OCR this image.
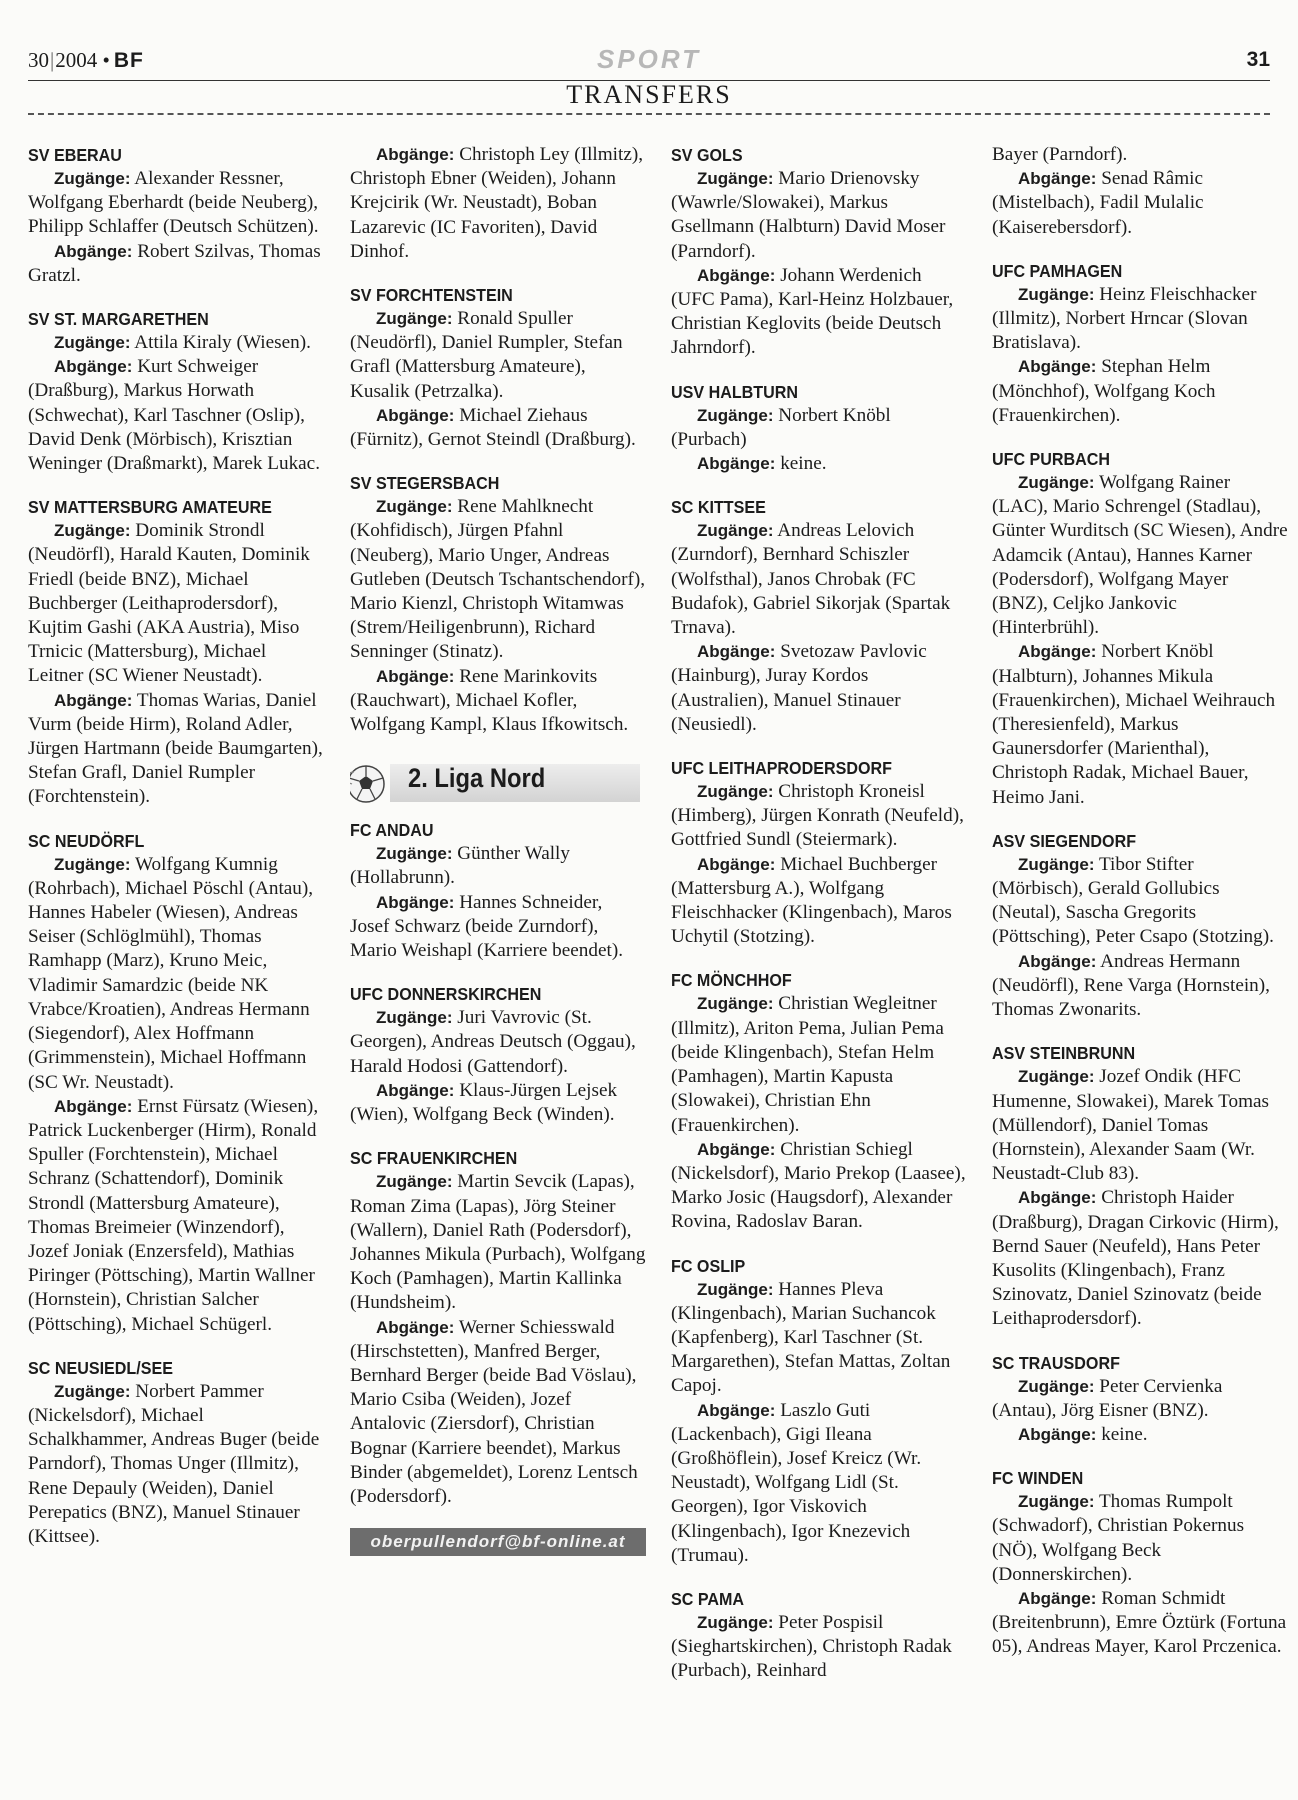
30|2004 • BF	SPORT	31
TRANSFERS
SV EBERAU
Zugänge: Alexander Ressner, Wolfgang Eberhardt (beide Neuberg), Philipp Schlaffer (Deutsch Schützen).
Abgänge: Robert Szilvas, Thomas Gratzl.
SV ST. MARGARETHEN
Zugänge: Attila Kiraly (Wiesen).
Abgänge: Kurt Schweiger (Draßburg), Markus Horwath (Schwechat), Karl Taschner (Oslip), David Denk (Mörbisch), Krisztian Weninger (Draßmarkt), Marek Lukac.
SV MATTERSBURG AMATEURE
Zugänge: Dominik Strondl (Neudörfl), Harald Kauten, Dominik Friedl (beide BNZ), Michael Buchberger (Leithaprodersdorf), Kujtim Gashi (AKA Austria), Miso Trnicic (Mattersburg), Michael Leitner (SC Wiener Neustadt).
Abgänge: Thomas Warias, Daniel Vurm (beide Hirm), Roland Adler, Jürgen Hartmann (beide Baumgarten), Stefan Grafl, Daniel Rumpler (Forchtenstein).
SC NEUDÖRFL
Zugänge: Wolfgang Kumnig (Rohrbach), Michael Pöschl (Antau), Hannes Habeler (Wiesen), Andreas Seiser (Schlöglmühl), Thomas Ramhapp (Marz), Kruno Meic, Vladimir Samardzic (beide NK Vrabce/Kroatien), Andreas Hermann (Siegendorf), Alex Hoffmann (Grimmenstein), Michael Hoffmann (SC Wr. Neustadt).
Abgänge: Ernst Fürsatz (Wiesen), Patrick Luckenberger (Hirm), Ronald Spuller (Forchtenstein), Michael Schranz (Schattendorf), Dominik Strondl (Mattersburg Amateure), Thomas Breimeier (Winzendorf), Jozef Joniak (Enzersfeld), Mathias Piringer (Pöttsching), Martin Wallner (Hornstein), Christian Salcher (Pöttsching), Michael Schügerl.
SC NEUSIEDL/SEE
Zugänge: Norbert Pammer (Nickelsdorf), Michael Schalkhammer, Andreas Buger (beide Parndorf), Thomas Unger (Illmitz), Rene Depauly (Weiden), Daniel Perepatics (BNZ), Manuel Stinauer (Kittsee).
Abgänge: Christoph Ley (Illmitz), Christoph Ebner (Weiden), Johann Krejcirik (Wr. Neustadt), Boban Lazarevic (IC Favoriten), David Dinhof.
SV FORCHTENSTEIN
Zugänge: Ronald Spuller (Neudörfl), Daniel Rumpler, Stefan Grafl (Mattersburg Amateure), Kusalik (Petrzalka).
Abgänge: Michael Ziehaus (Fürnitz), Gernot Steindl (Draßburg).
SV STEGERSBACH
Zugänge: Rene Mahlknecht (Kohfidisch), Jürgen Pfahnl (Neuberg), Mario Unger, Andreas Gutleben (Deutsch Tschantschendorf), Mario Kienzl, Christoph Witamwas (Strem/Heiligenbrunn), Richard Senninger (Stinatz).
Abgänge: Rene Marinkovits (Rauchwart), Michael Kofler, Wolfgang Kampl, Klaus Ifkowitsch.
2. Liga Nord
FC ANDAU
Zugänge: Günther Wally (Hollabrunn).
Abgänge: Hannes Schneider, Josef Schwarz (beide Zurndorf), Mario Weishapl (Karriere beendet).
UFC DONNERSKIRCHEN
Zugänge: Juri Vavrovic (St. Georgen), Andreas Deutsch (Oggau), Harald Hodosi (Gattendorf).
Abgänge: Klaus-Jürgen Lejsek (Wien), Wolfgang Beck (Winden).
SC FRAUENKIRCHEN
Zugänge: Martin Sevcik (Lapas), Roman Zima (Lapas), Jörg Steiner (Wallern), Daniel Rath (Podersdorf), Johannes Mikula (Purbach), Wolfgang Koch (Pamhagen), Martin Kallinka (Hundsheim).
Abgänge: Werner Schiesswald (Hirschstetten), Manfred Berger, Bernhard Berger (beide Bad Vöslau), Mario Csiba (Weiden), Jozef Antalovic (Ziersdorf), Christian Bognar (Karriere beendet), Markus Binder (abgemeldet), Lorenz Lentsch (Podersdorf).
oberpullendorf@bf-online.at
SV GOLS
Zugänge: Mario Drienovsky (Wawrle/Slowakei), Markus Gsellmann (Halbturn) David Moser (Parndorf).
Abgänge: Johann Werdenich (UFC Pama), Karl-Heinz Holzbauer, Christian Keglovits (beide Deutsch Jahrndorf).
USV HALBTURN
Zugänge: Norbert Knöbl (Purbach)
Abgänge: keine.
SC KITTSEE
Zugänge: Andreas Lelovich (Zurndorf), Bernhard Schiszler (Wolfsthal), Janos Chrobak (FC Budafok), Gabriel Sikorjak (Spartak Trnava).
Abgänge: Svetozaw Pavlovic (Hainburg), Juray Kordos (Australien), Manuel Stinauer (Neusiedl).
UFC LEITHAPRODERSDORF
Zugänge: Christoph Kroneisl (Himberg), Jürgen Konrath (Neufeld), Gottfried Sundl (Steiermark).
Abgänge: Michael Buchberger (Mattersburg A.), Wolfgang Fleischhacker (Klingenbach), Maros Uchytil (Stotzing).
FC MÖNCHHOF
Zugänge: Christian Wegleitner (Illmitz), Ariton Pema, Julian Pema (beide Klingenbach), Stefan Helm (Pamhagen), Martin Kapusta (Slowakei), Christian Ehn (Frauenkirchen).
Abgänge: Christian Schiegl (Nickelsdorf), Mario Prekop (Laasee), Marko Josic (Haugsdorf), Alexander Rovina, Radoslav Baran.
FC OSLIP
Zugänge: Hannes Pleva (Klingenbach), Marian Suchancok (Kapfenberg), Karl Taschner (St. Margarethen), Stefan Mattas, Zoltan Capoj.
Abgänge: Laszlo Guti (Lackenbach), Gigi Ileana (Großhöflein), Josef Kreicz (Wr. Neustadt), Wolfgang Lidl (St. Georgen), Igor Viskovich (Klingenbach), Igor Knezevich (Trumau).
SC PAMA
Zugänge: Peter Pospisil (Sieghartskirchen), Christoph Radak (Purbach), Reinhard
Bayer (Parndorf).
Abgänge: Senad Râmic (Mistelbach), Fadil Mulalic (Kaiserebersdorf).
UFC PAMHAGEN
Zugänge: Heinz Fleischhacker (Illmitz), Norbert Hrncar (Slovan Bratislava).
Abgänge: Stephan Helm (Mönchhof), Wolfgang Koch (Frauenkirchen).
UFC PURBACH
Zugänge: Wolfgang Rainer (LAC), Mario Schrengel (Stadlau), Günter Wurditsch (SC Wiesen), Andre Adamcik (Antau), Hannes Karner (Podersdorf), Wolfgang Mayer (BNZ), Celjko Jankovic (Hinterbrühl).
Abgänge: Norbert Knöbl (Halbturn), Johannes Mikula (Frauenkirchen), Michael Weihrauch (Theresienfeld), Markus Gaunersdorfer (Marienthal), Christoph Radak, Michael Bauer, Heimo Jani.
ASV SIEGENDORF
Zugänge: Tibor Stifter (Mörbisch), Gerald Gollubics (Neutal), Sascha Gregorits (Pöttsching), Peter Csapo (Stotzing).
Abgänge: Andreas Hermann (Neudörfl), Rene Varga (Hornstein), Thomas Zwonarits.
ASV STEINBRUNN
Zugänge: Jozef Ondik (HFC Humenne, Slowakei), Marek Tomas (Müllendorf), Daniel Tomas (Hornstein), Alexander Saam (Wr. Neustadt-Club 83).
Abgänge: Christoph Haider (Draßburg), Dragan Cirkovic (Hirm), Bernd Sauer (Neufeld), Hans Peter Kusolits (Klingenbach), Franz Szinovatz, Daniel Szinovatz (beide Leithaprodersdorf).
SC TRAUSDORF
Zugänge: Peter Cervienka (Antau), Jörg Eisner (BNZ).
Abgänge: keine.
FC WINDEN
Zugänge: Thomas Rumpolt (Schwadorf), Christian Pokernus (NÖ), Wolfgang Beck (Donnerskirchen).
Abgänge: Roman Schmidt (Breitenbrunn), Emre Öztürk (Fortuna 05), Andreas Mayer, Karol Prczenica.
